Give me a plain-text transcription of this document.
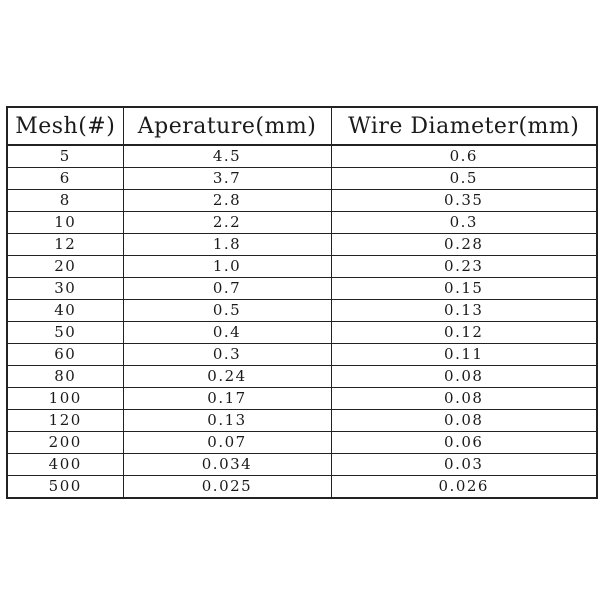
Mesh(#)	Aperature(mm)	Wire Diameter(mm)
5	4.5	0.6
6	3.7	0.5
8	2.8	0.35
10	2.2	0.3
12	1.8	0.28
20	1.0	0.23
30	0.7	0.15
40	0.5	0.13
50	0.4	0.12
60	0.3	0.11
80	0.24	0.08
100	0.17	0.08
120	0.13	0.08
200	0.07	0.06
400	0.034	0.03
500	0.025	0.026
